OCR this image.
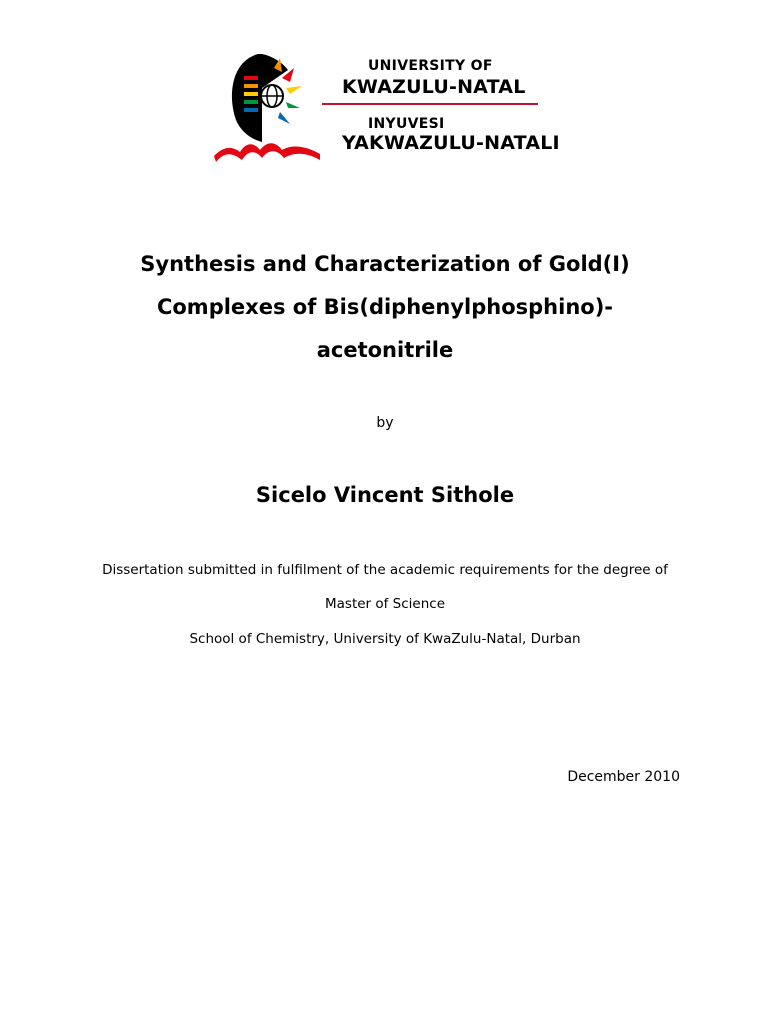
UNIVERSITY OF
KWAZULU-NATAL
INYUVESI
YAKWAZULU-NATALI
Synthesis and Characterization of Gold(I)
Complexes of Bis(diphenylphosphino)-
acetonitrile
by
Sicelo Vincent Sithole
Dissertation submitted in fulfilment of the academic requirements for the degree of
Master of Science
School of Chemistry, University of KwaZulu-Natal, Durban
December 2010
